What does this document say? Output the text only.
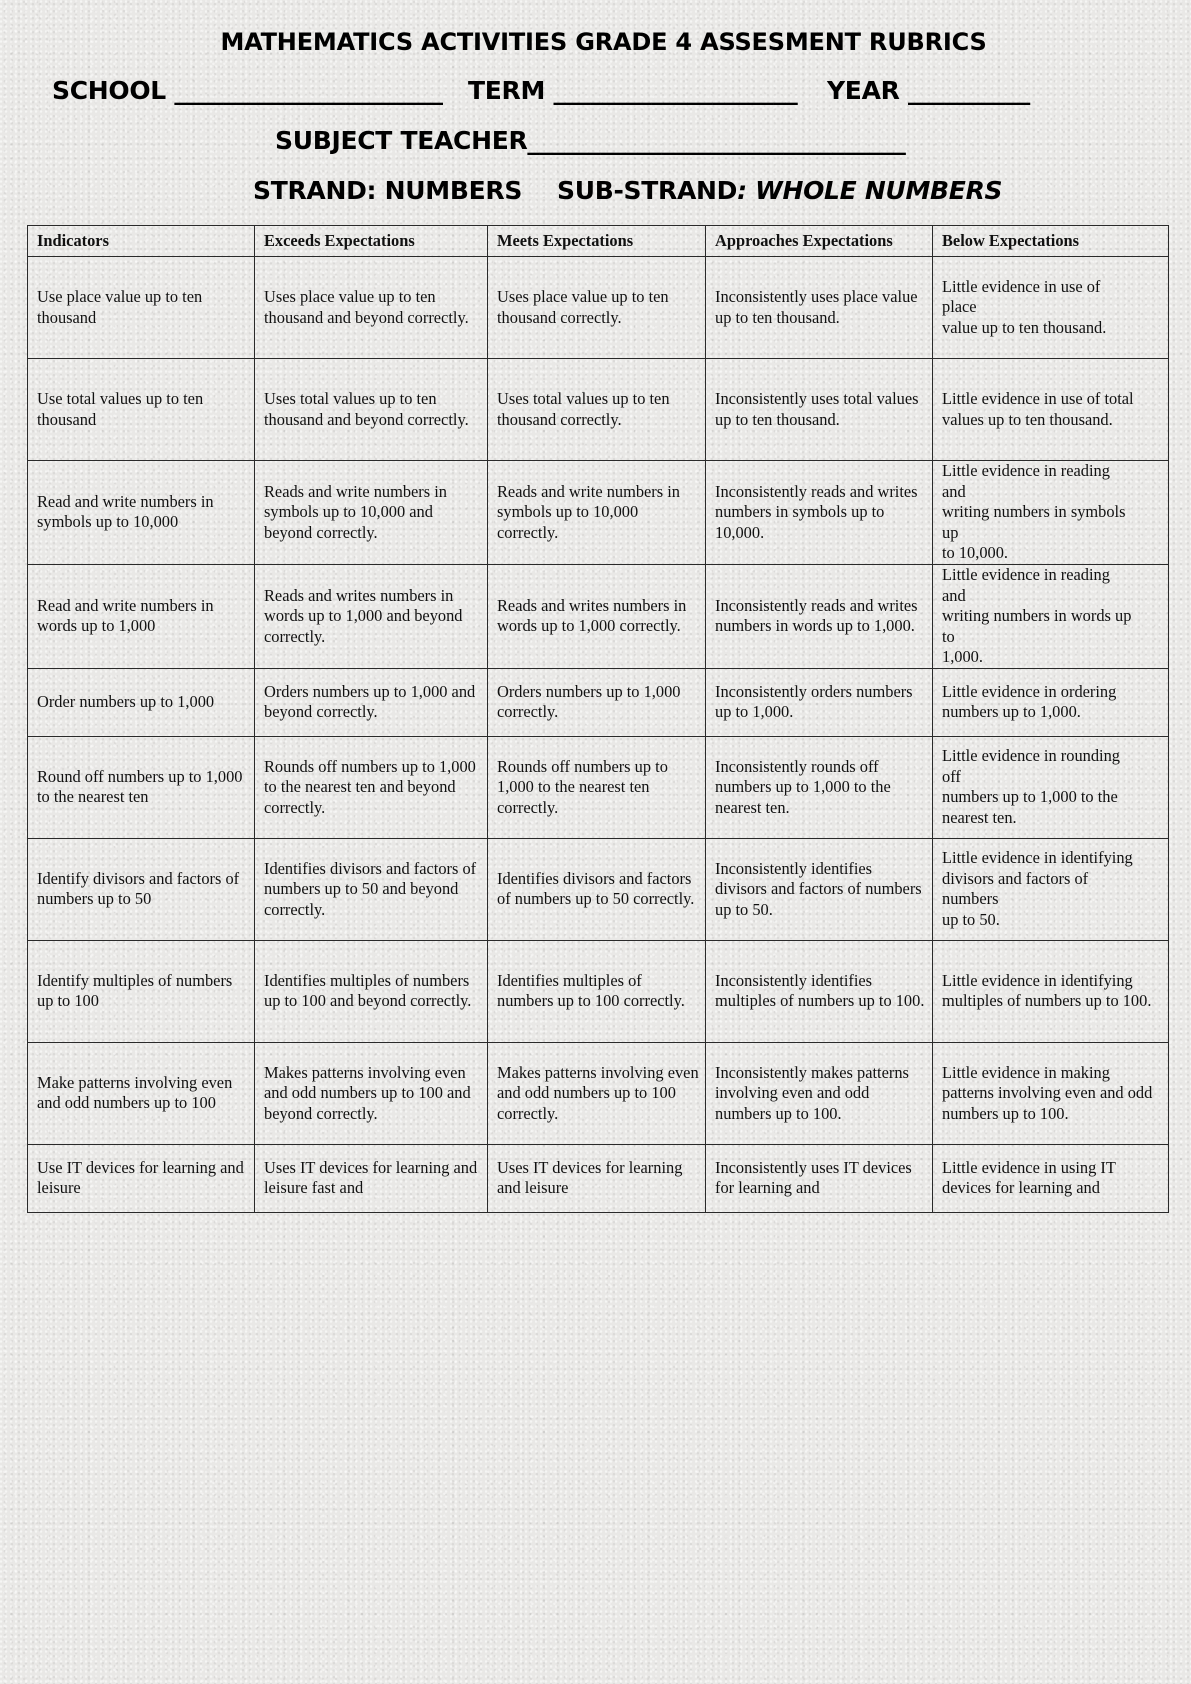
MATHEMATICS ACTIVITIES GRADE 4 ASSESMENT RUBRICS
SCHOOL ______________________ TERM ____________________ YEAR __________
SUBJECT TEACHER_______________________________
STRAND: NUMBERS SUB-STRAND: WHOLE NUMBERS
Indicators	Exceeds Expectations	Meets Expectations	Approaches Expectations	Below Expectations
Use place value up to ten thousand	Uses place value up to ten thousand and beyond correctly.	Uses place value up to ten thousand correctly.	Inconsistently uses place value up to ten thousand.	Little evidence in use of
place
value up to ten thousand.
Use total values up to ten thousand	Uses total values up to ten thousand and beyond correctly.	Uses total values up to ten thousand correctly.	Inconsistently uses total values up to ten thousand.	Little evidence in use of total values up to ten thousand.
Read and write numbers in symbols up to 10,000	Reads and write numbers in symbols up to 10,000 and beyond correctly.	Reads and write numbers in symbols up to 10,000 correctly.	Inconsistently reads and writes numbers in symbols up to 10,000.	Little evidence in reading
and
writing numbers in symbols
up
to 10,000.
Read and write numbers in words up to 1,000	Reads and writes numbers in words up to 1,000 and beyond correctly.	Reads and writes numbers in words up to 1,000 correctly.	Inconsistently reads and writes numbers in words up to 1,000.	Little evidence in reading
and
writing numbers in words up
to
1,000.
Order numbers up to 1,000	Orders numbers up to 1,000 and beyond correctly.	Orders numbers up to 1,000 correctly.	Inconsistently orders numbers up to 1,000.	Little evidence in ordering numbers up to 1,000.
Round off numbers up to 1,000 to the nearest ten	Rounds off numbers up to 1,000 to the nearest ten and beyond correctly.	Rounds off numbers up to 1,000 to the nearest ten correctly.	Inconsistently rounds off numbers up to 1,000 to the nearest ten.	Little evidence in rounding
off
numbers up to 1,000 to the
nearest ten.
Identify divisors and factors of numbers up to 50	Identifies divisors and factors of numbers up to 50 and beyond correctly.	Identifies divisors and factors of numbers up to 50 correctly.	Inconsistently identifies divisors and factors of numbers up to 50.	Little evidence in identifying
divisors and factors of
numbers
up to 50.
Identify multiples of numbers up to 100	Identifies multiples of numbers up to 100 and beyond correctly.	Identifies multiples of numbers up to 100 correctly.	Inconsistently identifies multiples of numbers up to 100.	Little evidence in identifying multiples of numbers up to 100.
Make patterns involving even and odd numbers up to 100	Makes patterns involving even and odd numbers up to 100 and beyond correctly.	Makes patterns involving even and odd numbers up to 100 correctly.	Inconsistently makes patterns involving even and odd numbers up to 100.	Little evidence in making patterns involving even and odd numbers up to 100.
Use IT devices for learning and leisure	Uses IT devices for learning and leisure fast and	Uses IT devices for learning and leisure	Inconsistently uses IT devices for learning and	Little evidence in using IT devices for learning and
